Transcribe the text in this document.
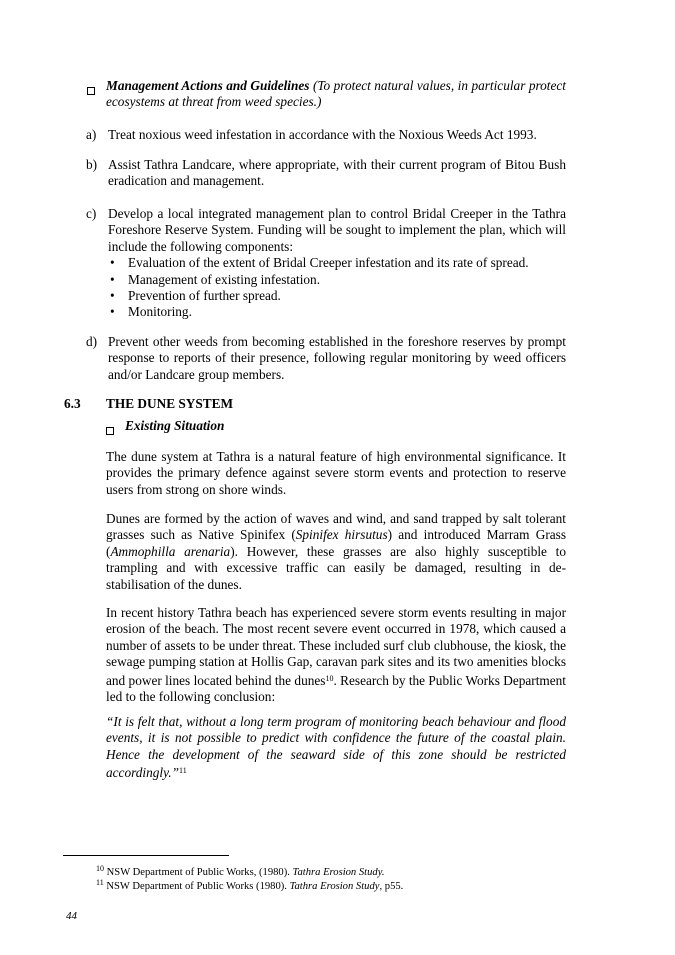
Management Actions and Guidelines (To protect natural values, in particular protect ecosystems at threat from weed species.)
a) Treat noxious weed infestation in accordance with the Noxious Weeds Act 1993.
b) Assist Tathra Landcare, where appropriate, with their current program of Bitou Bush eradication and management.
c) Develop a local integrated management plan to control Bridal Creeper in the Tathra Foreshore Reserve System. Funding will be sought to implement the plan, which will include the following components:
• Evaluation of the extent of Bridal Creeper infestation and its rate of spread.
• Management of existing infestation.
• Prevention of further spread.
• Monitoring.
d) Prevent other weeds from becoming established in the foreshore reserves by prompt response to reports of their presence, following regular monitoring by weed officers and/or Landcare group members.
6.3 THE DUNE SYSTEM
Existing Situation
The dune system at Tathra is a natural feature of high environmental significance. It provides the primary defence against severe storm events and protection to reserve users from strong on shore winds.
Dunes are formed by the action of waves and wind, and sand trapped by salt tolerant grasses such as Native Spinifex (Spinifex hirsutus) and introduced Marram Grass (Ammophilla arenaria). However, these grasses are also highly susceptible to trampling and with excessive traffic can easily be damaged, resulting in de-stabilisation of the dunes.
In recent history Tathra beach has experienced severe storm events resulting in major erosion of the beach. The most recent severe event occurred in 1978, which caused a number of assets to be under threat. These included surf club clubhouse, the kiosk, the sewage pumping station at Hollis Gap, caravan park sites and its two amenities blocks and power lines located behind the dunes$^{10}$. Research by the Public Works Department led to the following conclusion:
“It is felt that, without a long term program of monitoring beach behaviour and flood events, it is not possible to predict with confidence the future of the coastal plain. Hence the development of the seaward side of this zone should be restricted accordingly.”$^{11}$
$^{10}$ NSW Department of Public Works, (1980). Tathra Erosion Study.
$^{11}$ NSW Department of Public Works (1980). Tathra Erosion Study, p55.
44
